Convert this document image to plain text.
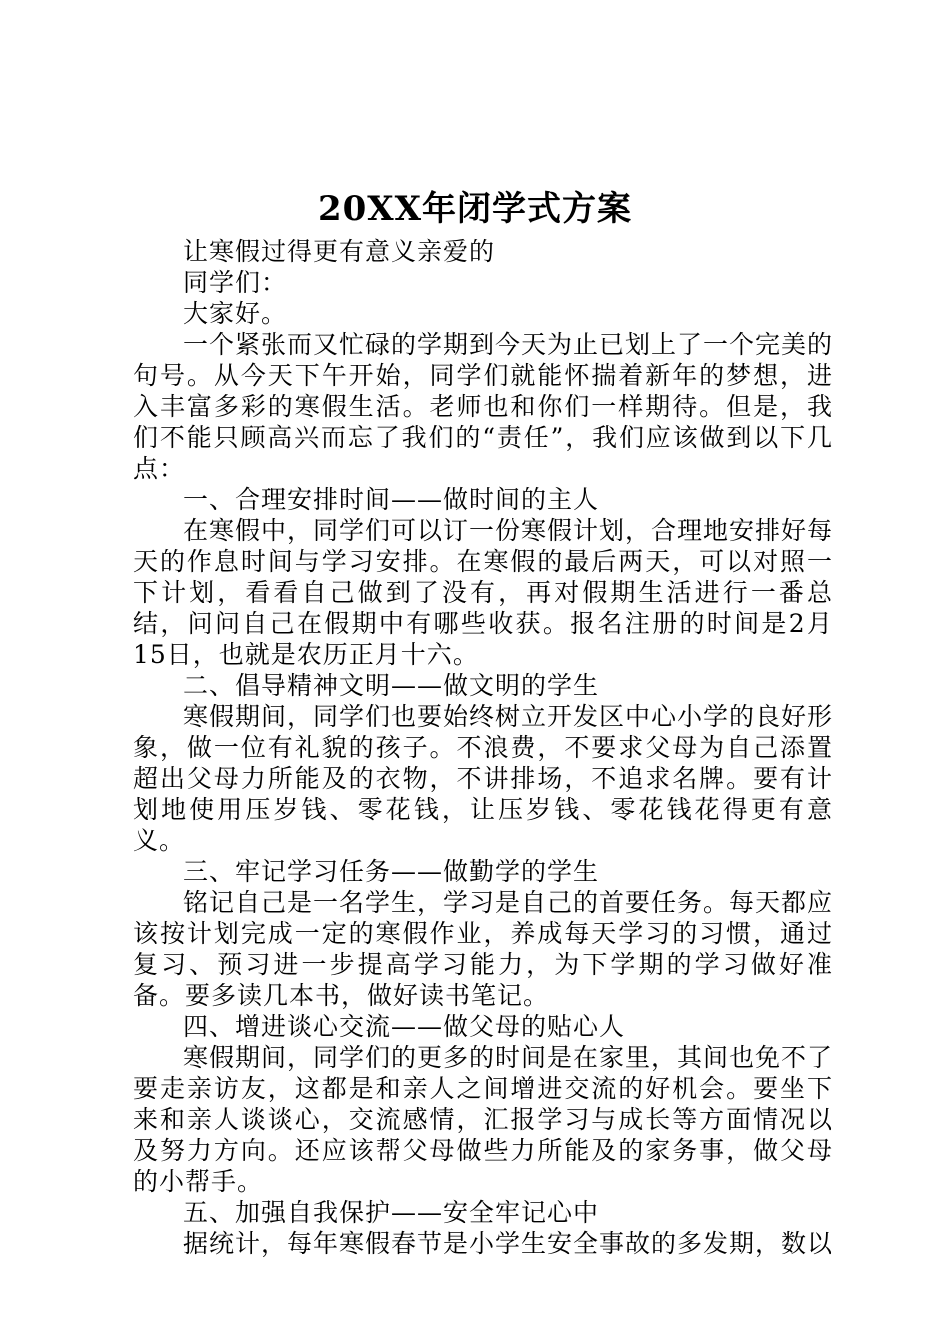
20XX年闭学式方案

让寒假过得更有意义亲爱的

同学们：

大家好。

一个紧张而又忙碌的学期到今天为止已划上了一个完美的句号。从今天下午开始，同学们就能怀揣着新年的梦想，进入丰富多彩的寒假生活。老师也和你们一样期待。但是，我们不能只顾高兴而忘了我们的“责任”，我们应该做到以下几点：

一、合理安排时间——做时间的主人

在寒假中，同学们可以订一份寒假计划，合理地安排好每天的作息时间与学习安排。在寒假的最后两天，可以对照一下计划，看看自己做到了没有，再对假期生活进行一番总结，问问自己在假期中有哪些收获。报名注册的时间是2月15日，也就是农历正月十六。

二、倡导精神文明——做文明的学生

寒假期间，同学们也要始终树立开发区中心小学的良好形象，做一位有礼貌的孩子。不浪费，不要求父母为自己添置超出父母力所能及的衣物，不讲排场，不追求名牌。要有计划地使用压岁钱、零花钱，让压岁钱、零花钱花得更有意义。

三、牢记学习任务——做勤学的学生

铭记自己是一名学生，学习是自己的首要任务。每天都应该按计划完成一定的寒假作业，养成每天学习的习惯，通过复习、预习进一步提高学习能力，为下学期的学习做好准备。要多读几本书，做好读书笔记。

四、增进谈心交流——做父母的贴心人

寒假期间，同学们的更多的时间是在家里，其间也免不了要走亲访友，这都是和亲人之间增进交流的好机会。要坐下来和亲人谈谈心，交流感情，汇报学习与成长等方面情况以及努力方向。还应该帮父母做些力所能及的家务事，做父母的小帮手。

五、加强自我保护——安全牢记心中

据统计，每年寒假春节是小学生安全事故的多发期，数以
